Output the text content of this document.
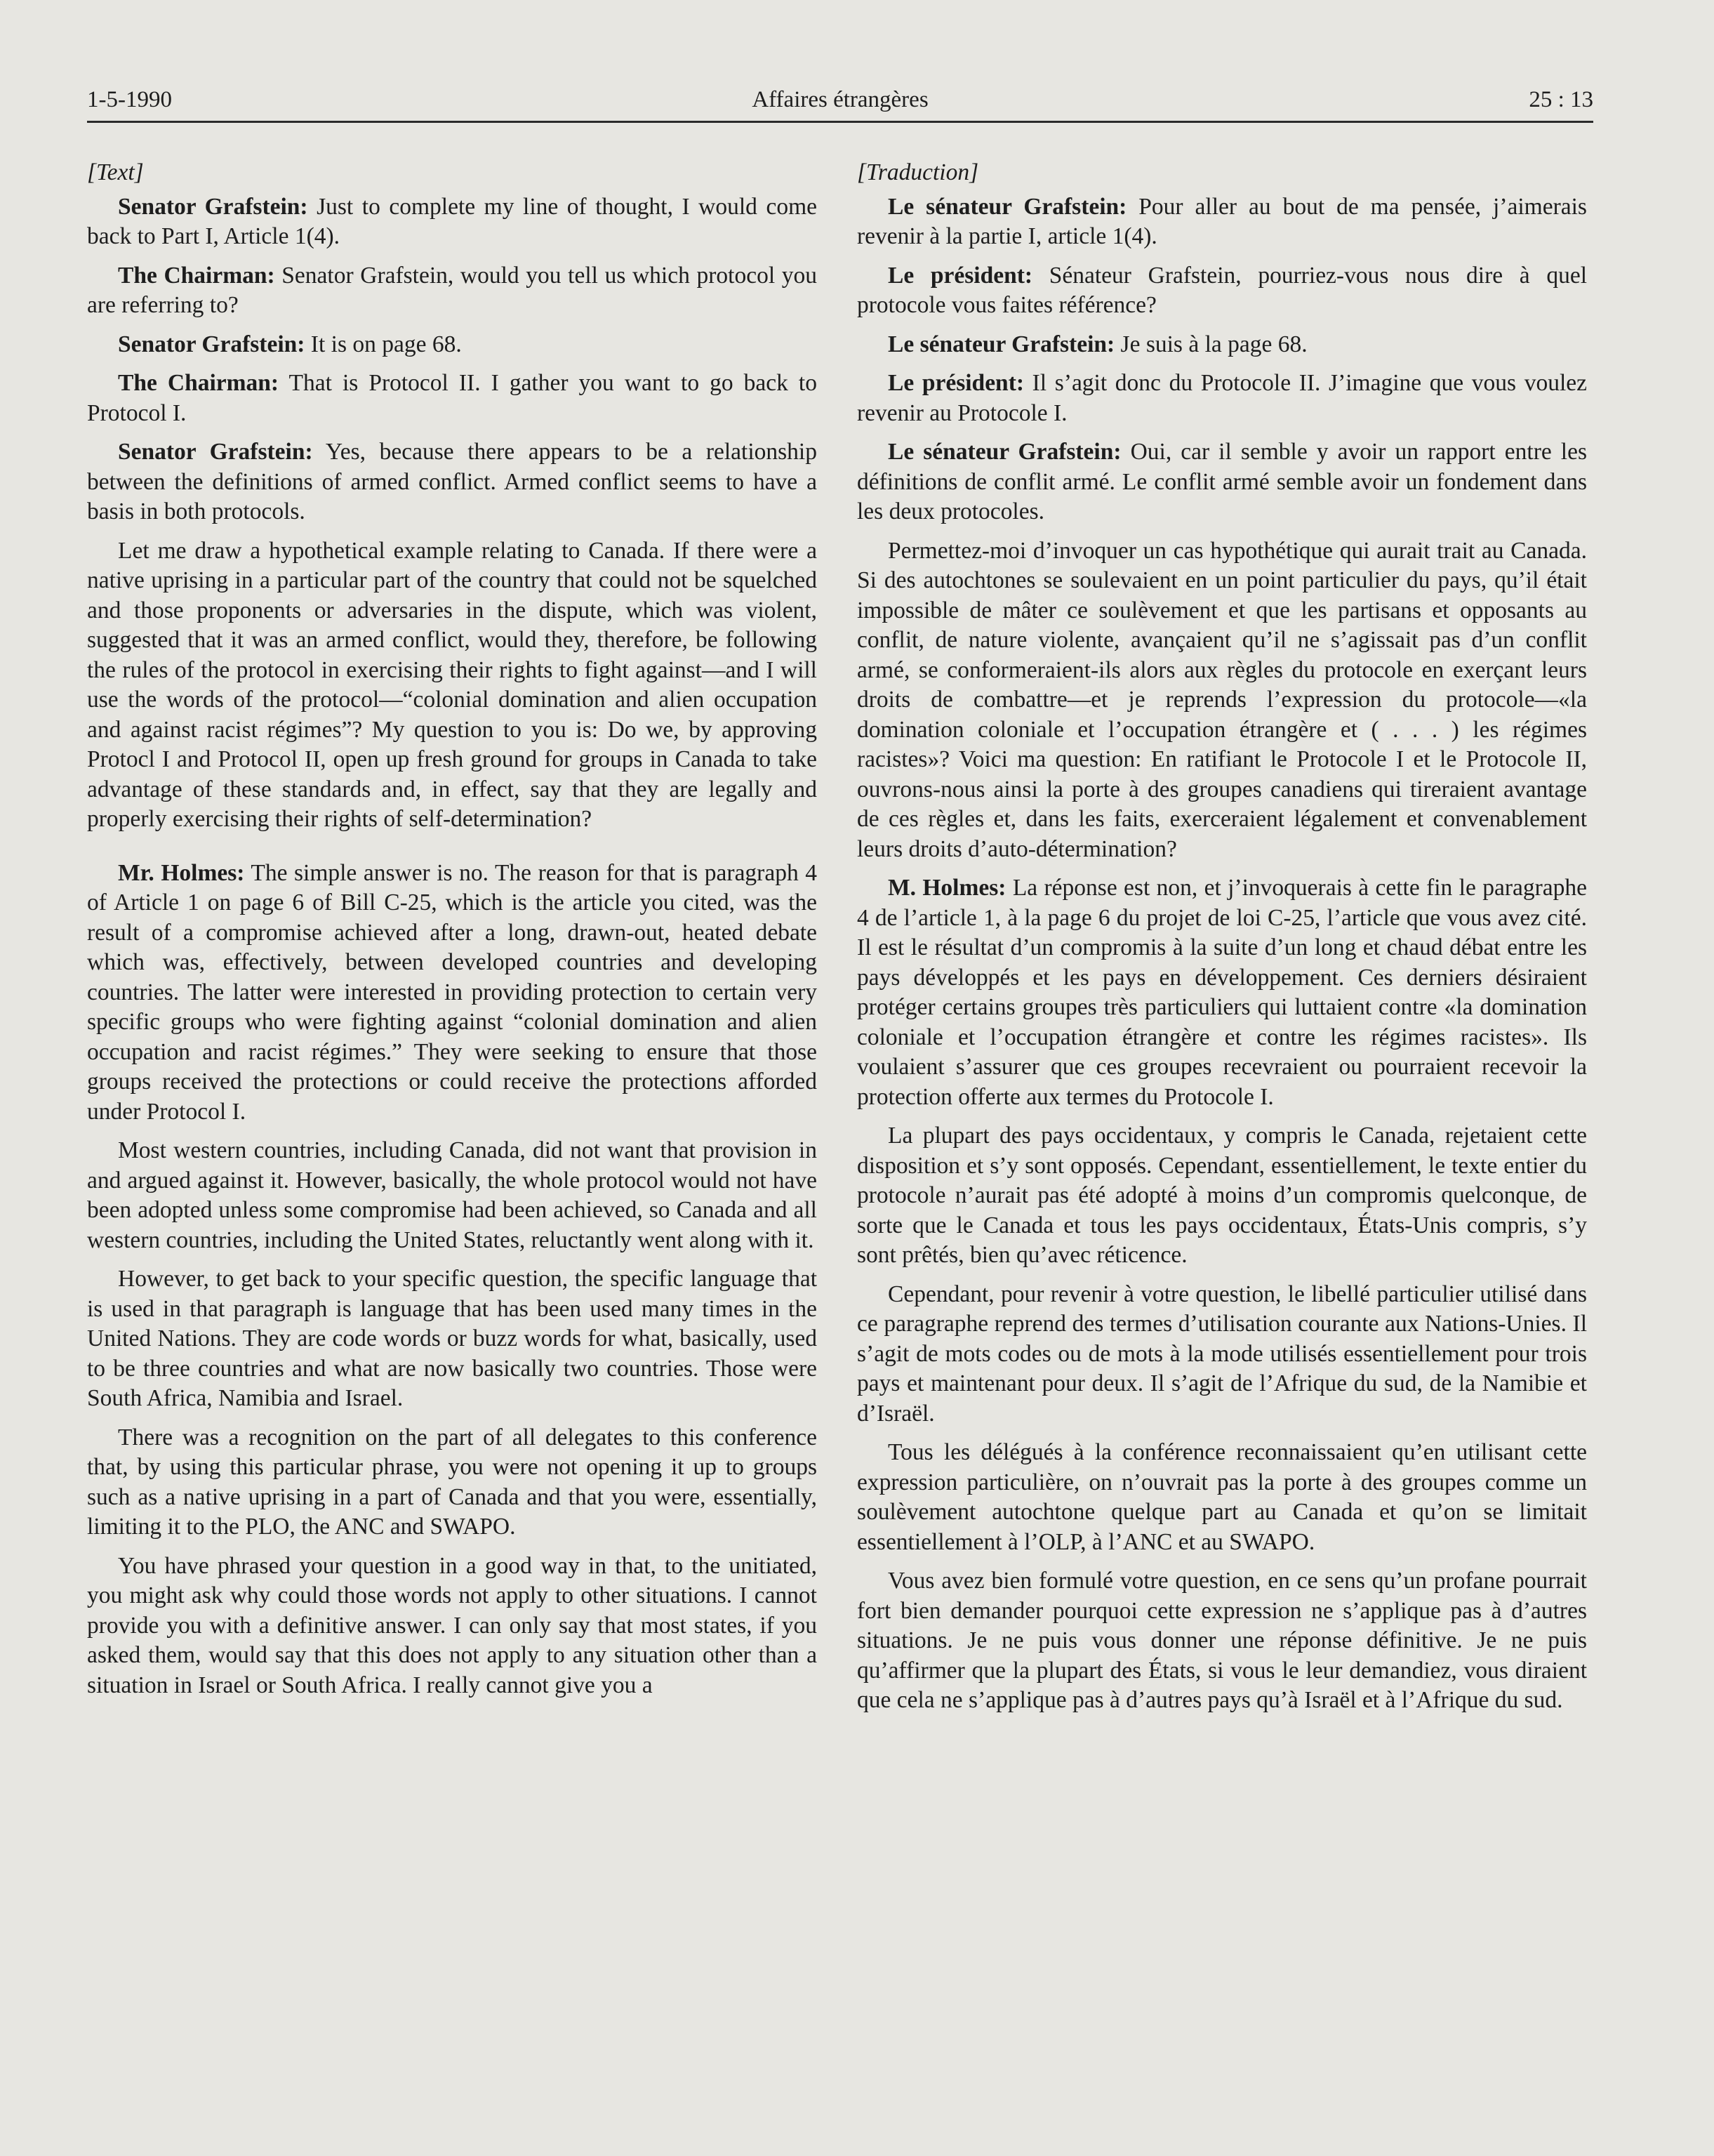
1-5-1990	Affaires étrangères	25 : 13

[Text]

Senator Grafstein: Just to complete my line of thought, I would come back to Part I, Article 1(4).

The Chairman: Senator Grafstein, would you tell us which protocol you are referring to?

Senator Grafstein: It is on page 68.

The Chairman: That is Protocol II. I gather you want to go back to Protocol I.

Senator Grafstein: Yes, because there appears to be a relationship between the definitions of armed conflict. Armed conflict seems to have a basis in both protocols.

Let me draw a hypothetical example relating to Canada. If there were a native uprising in a particular part of the country that could not be squelched and those proponents or adversaries in the dispute, which was violent, suggested that it was an armed conflict, would they, therefore, be following the rules of the protocol in exercising their rights to fight against—and I will use the words of the protocol—“colonial domination and alien occupation and against racist régimes”? My question to you is: Do we, by approving Protocl I and Protocol II, open up fresh ground for groups in Canada to take advantage of these standards and, in effect, say that they are legally and properly exercising their rights of self-determination?

Mr. Holmes: The simple answer is no. The reason for that is paragraph 4 of Article 1 on page 6 of Bill C-25, which is the article you cited, was the result of a compromise achieved after a long, drawn-out, heated debate which was, effectively, between developed countries and developing countries. The latter were interested in providing protection to certain very specific groups who were fighting against “colonial domination and alien occupation and racist régimes.” They were seeking to ensure that those groups received the protections or could receive the protections afforded under Protocol I.

Most western countries, including Canada, did not want that provision in and argued against it. However, basically, the whole protocol would not have been adopted unless some compromise had been achieved, so Canada and all western countries, including the United States, reluctantly went along with it.

However, to get back to your specific question, the specific language that is used in that paragraph is language that has been used many times in the United Nations. They are code words or buzz words for what, basically, used to be three countries and what are now basically two countries. Those were South Africa, Namibia and Israel.

There was a recognition on the part of all delegates to this conference that, by using this particular phrase, you were not opening it up to groups such as a native uprising in a part of Canada and that you were, essentially, limiting it to the PLO, the ANC and SWAPO.

You have phrased your question in a good way in that, to the unitiated, you might ask why could those words not apply to other situations. I cannot provide you with a definitive answer. I can only say that most states, if you asked them, would say that this does not apply to any situation other than a situation in Israel or South Africa. I really cannot give you a

[Traduction]

Le sénateur Grafstein: Pour aller au bout de ma pensée, j’aimerais revenir à la partie I, article 1(4).

Le président: Sénateur Grafstein, pourriez-vous nous dire à quel protocole vous faites référence?

Le sénateur Grafstein: Je suis à la page 68.

Le président: Il s’agit donc du Protocole II. J’imagine que vous voulez revenir au Protocole I.

Le sénateur Grafstein: Oui, car il semble y avoir un rapport entre les définitions de conflit armé. Le conflit armé semble avoir un fondement dans les deux protocoles.

Permettez-moi d’invoquer un cas hypothétique qui aurait trait au Canada. Si des autochtones se soulevaient en un point particulier du pays, qu’il était impossible de mâter ce soulèvement et que les partisans et opposants au conflit, de nature violente, avançaient qu’il ne s’agissait pas d’un conflit armé, se conformeraient-ils alors aux règles du protocole en exerçant leurs droits de combattre—et je reprends l’expression du protocole—«la domination coloniale et l’occupation étrangère et ( . . . ) les régimes racistes»? Voici ma question: En ratifiant le Protocole I et le Protocole II, ouvrons-nous ainsi la porte à des groupes canadiens qui tireraient avantage de ces règles et, dans les faits, exerceraient légalement et convenablement leurs droits d’auto-détermination?

M. Holmes: La réponse est non, et j’invoquerais à cette fin le paragraphe 4 de l’article 1, à la page 6 du projet de loi C-25, l’article que vous avez cité. Il est le résultat d’un compromis à la suite d’un long et chaud débat entre les pays développés et les pays en développement. Ces derniers désiraient protéger certains groupes très particuliers qui luttaient contre «la domination coloniale et l’occupation étrangère et contre les régimes racistes». Ils voulaient s’assurer que ces groupes recevraient ou pourraient recevoir la protection offerte aux termes du Protocole I.

La plupart des pays occidentaux, y compris le Canada, rejetaient cette disposition et s’y sont opposés. Cependant, essentiellement, le texte entier du protocole n’aurait pas été adopté à moins d’un compromis quelconque, de sorte que le Canada et tous les pays occidentaux, États-Unis compris, s’y sont prêtés, bien qu’avec réticence.

Cependant, pour revenir à votre question, le libellé particulier utilisé dans ce paragraphe reprend des termes d’utilisation courante aux Nations-Unies. Il s’agit de mots codes ou de mots à la mode utilisés essentiellement pour trois pays et maintenant pour deux. Il s’agit de l’Afrique du sud, de la Namibie et d’Israël.

Tous les délégués à la conférence reconnaissaient qu’en utilisant cette expression particulière, on n’ouvrait pas la porte à des groupes comme un soulèvement autochtone quelque part au Canada et qu’on se limitait essentiellement à l’OLP, à l’ANC et au SWAPO.

Vous avez bien formulé votre question, en ce sens qu’un profane pourrait fort bien demander pourquoi cette expression ne s’applique pas à d’autres situations. Je ne puis vous donner une réponse définitive. Je ne puis qu’affirmer que la plupart des États, si vous le leur demandiez, vous diraient que cela ne s’applique pas à d’autres pays qu’à Israël et à l’Afrique du sud.
